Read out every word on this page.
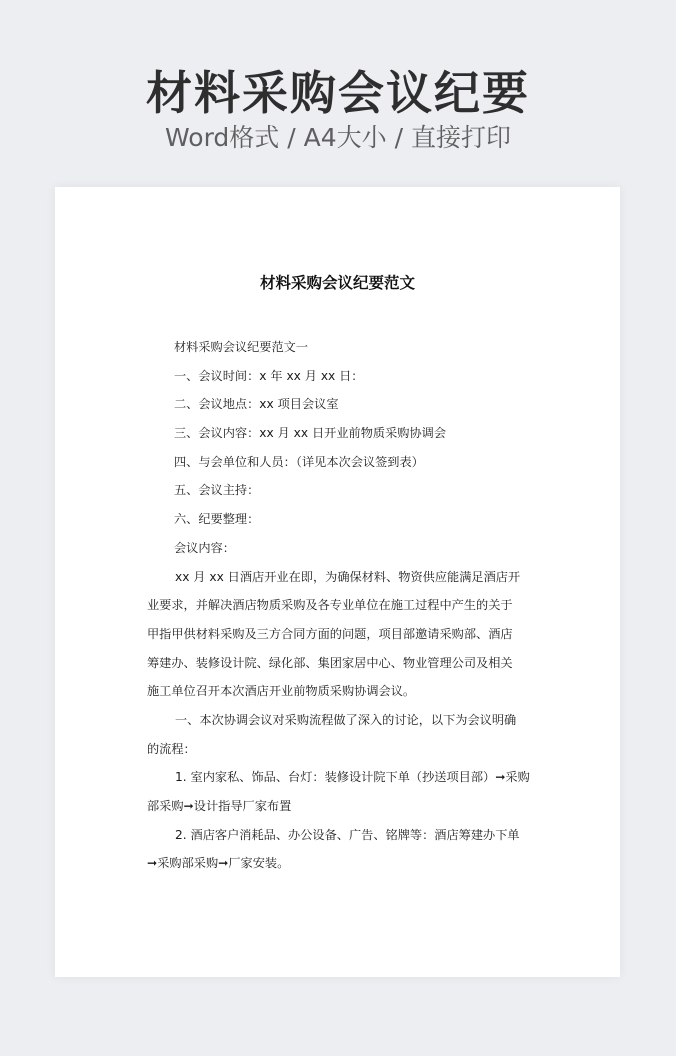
材料采购会议纪要
Word格式 / A4大小 / 直接打印
材料采购会议纪要范文

材料采购会议纪要范文一

一、会议时间：x 年 xx 月 xx 日：

二、会议地点：xx 项目会议室

三、会议内容：xx 月 xx 日开业前物质采购协调会

四、与会单位和人员：（详见本次会议签到表）

五、会议主持：

六、纪要整理：

会议内容：

xx 月 xx 日酒店开业在即，为确保材料、物资供应能满足酒店开

业要求，并解决酒店物质采购及各专业单位在施工过程中产生的关于

甲指甲供材料采购及三方合同方面的问题，项目部邀请采购部、酒店

筹建办、装修设计院、绿化部、集团家居中心、物业管理公司及相关

施工单位召开本次酒店开业前物质采购协调会议。

一、本次协调会议对采购流程做了深入的讨论，以下为会议明确

的流程：

1. 室内家私、饰品、台灯：装修设计院下单（抄送项目部）➞采购

部采购➞设计指导厂家布置

2. 酒店客户消耗品、办公设备、广告、铭牌等：酒店筹建办下单

➞采购部采购➞厂家安装。
